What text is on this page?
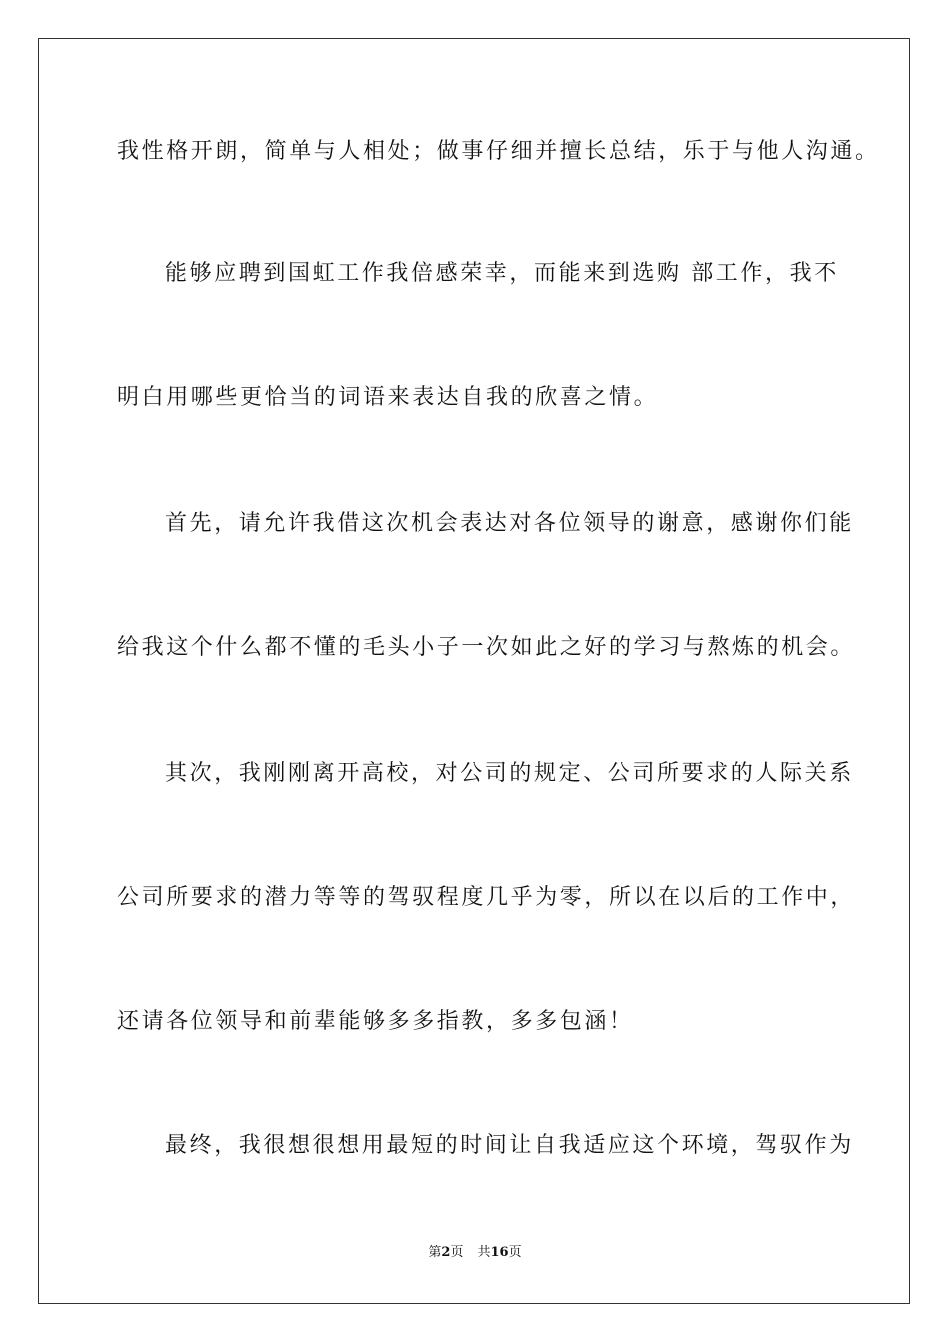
我性格开朗，简单与人相处；做事仔细并擅长总结，乐于与他人沟通。
能够应聘到国虹工作我倍感荣幸，而能来到选购 部工作，我不
明白用哪些更恰当的词语来表达自我的欣喜之情。
首先，请允许我借这次机会表达对各位领导的谢意，感谢你们能
给我这个什么都不懂的毛头小子一次如此之好的学习与熬炼的机会。
其次，我刚刚离开高校，对公司的规定、公司所要求的人际关系
公司所要求的潜力等等的驾驭程度几乎为零，所以在以后的工作中，
还请各位领导和前辈能够多多指教，多多包涵！
最终，我很想很想用最短的时间让自我适应这个环境，驾驭作为
第2页 共16页
